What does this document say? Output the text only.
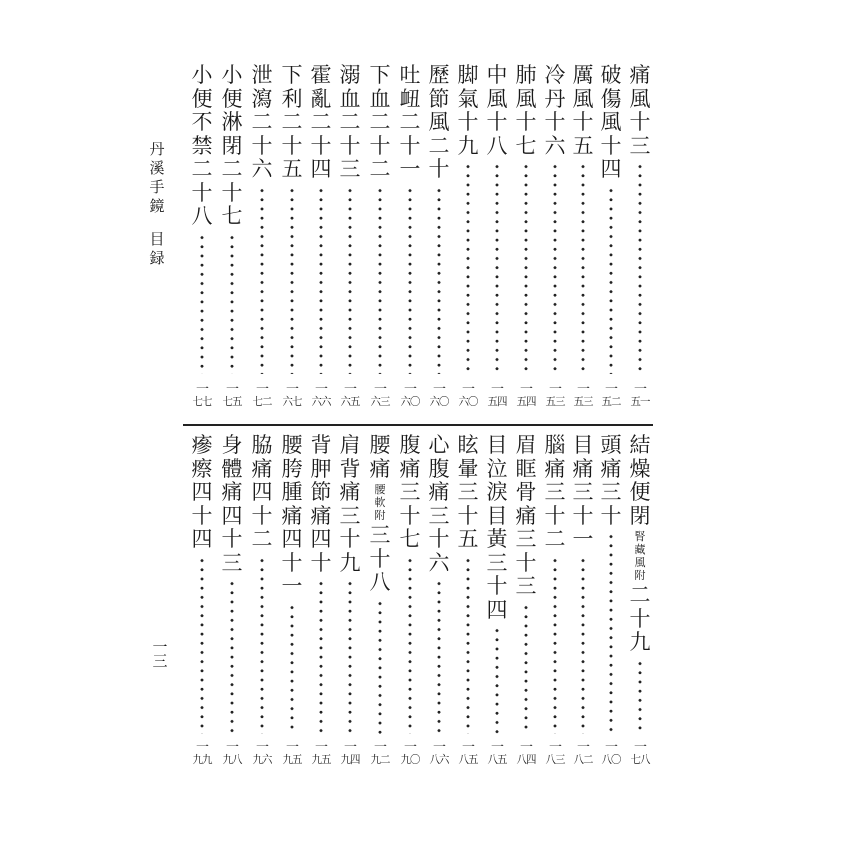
丹
溪
手
鏡
目
録
痛
風
十
三
一
五一
破
傷
風
十
四
一
五二
厲
風
十
五
一
五三
冷
丹
十
六
一
五三
肺
風
十
七
一
五四
中
風
十
八
一
五四
脚
氣
十
九
一
六〇
歷
節
風
二
十
一
六〇
吐
衄
二
十
一
一
六〇
下
血
二
十
二
一
六三
溺
血
二
十
三
一
六五
霍
亂
二
十
四
一
六六
下
利
二
十
五
一
六七
泄
瀉
二
十
六
一
七二
小
便
淋
閉
二
十
七
一
七五
小
便
不
禁
二
十
八
一
七七
結
燥
便
閉
腎
藏
風
附
二
十
九
一
七八
頭
痛
三
十
一
八〇
目
痛
三
十
一
一
八二
腦
痛
三
十
二
一
八三
眉
眶
骨
痛
三
十
三
一
八四
目
泣
淚
目
黃
三
十
四
一
八五
眩
暈
三
十
五
一
八五
心
腹
痛
三
十
六
一
八六
腹
痛
三
十
七
一
九〇
腰
痛
腰
軟
附
三
十
八
一
九二
肩
背
痛
三
十
九
一
九四
背
胛
節
痛
四
十
一
九五
腰
胯
腫
痛
四
十
一
一
九五
脇
痛
四
十
二
一
九六
身
體
痛
四
十
三
一
九八
瘮
瘵
四
十
四
一
九九
一
三
